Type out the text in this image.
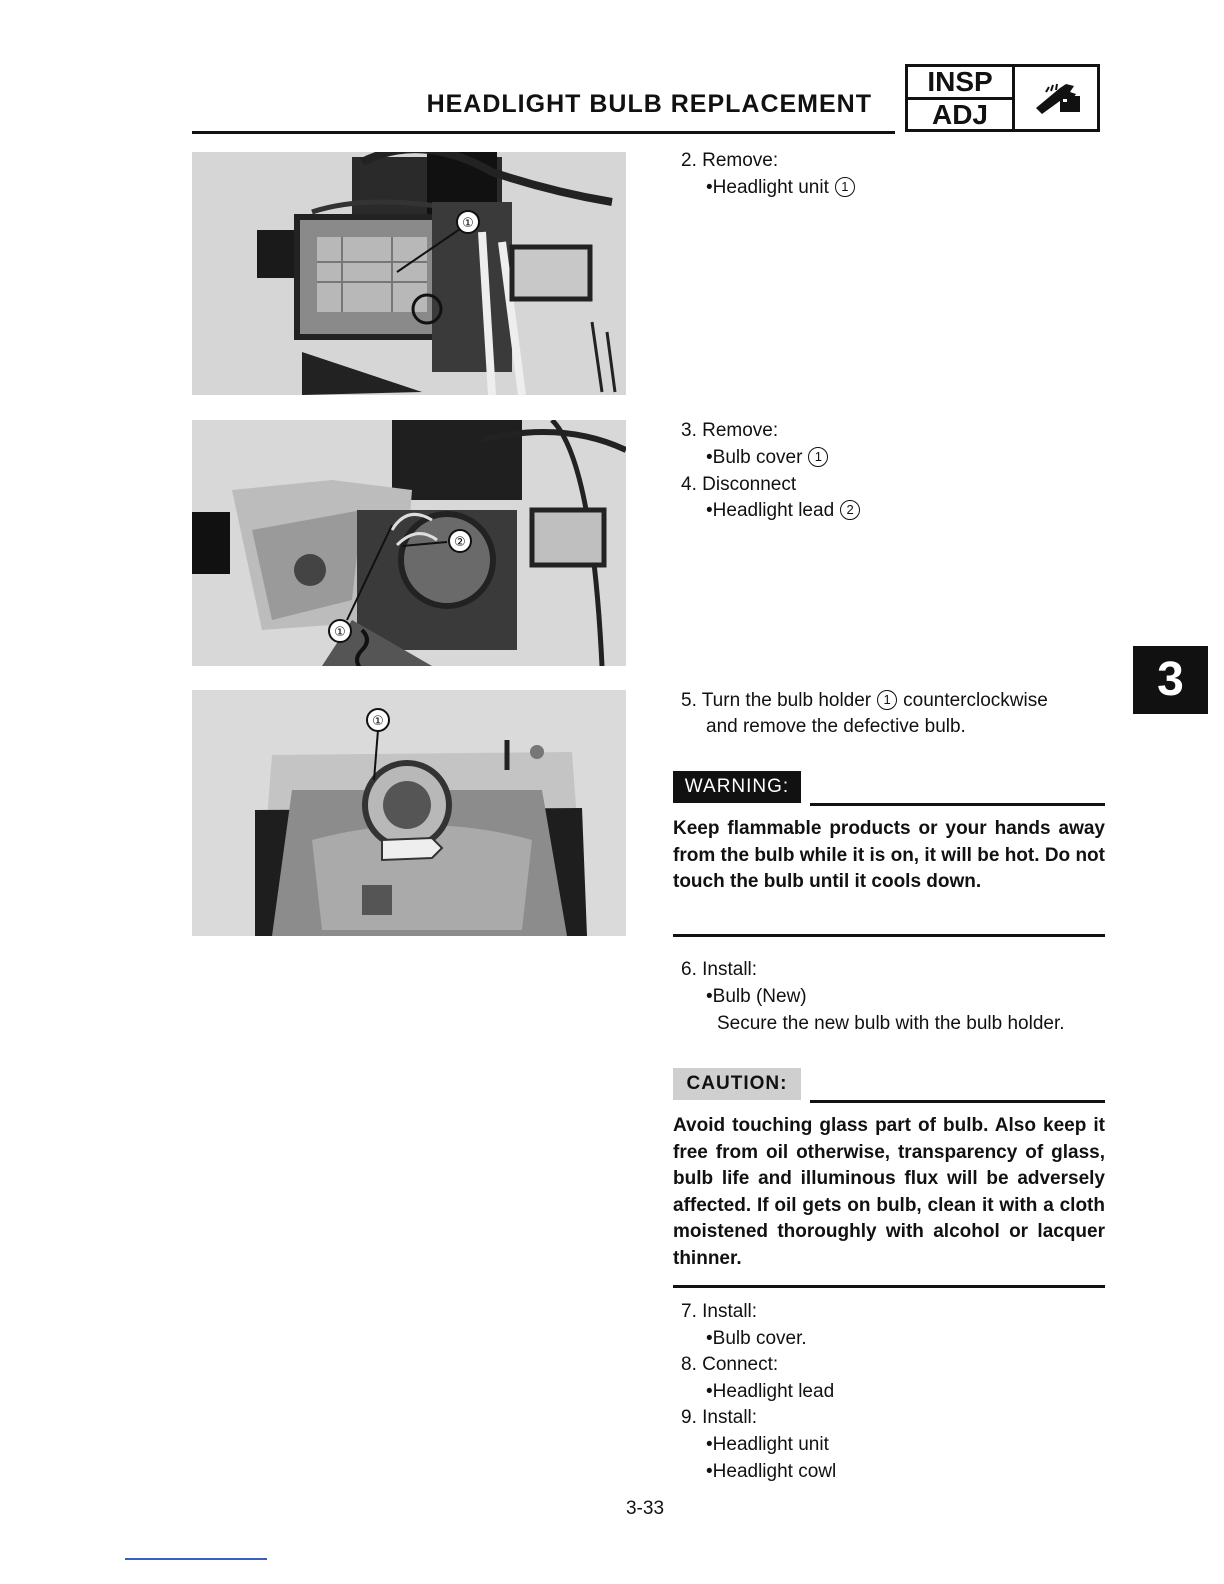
HEADLIGHT BULB REPLACEMENT
INSP
ADJ
①
①
②
①
2. Remove:
•Headlight unit 1
3. Remove:
•Bulb cover 1
4. Disconnect
•Headlight lead 2
5. Turn the bulb holder 1 counterclockwise
and remove the defective bulb.
WARNING:
Keep flammable products or your hands away from the bulb while it is on, it will be hot. Do not touch the bulb until it cools down.
6. Install:
•Bulb (New)
Secure the new bulb with the bulb holder.
CAUTION:
Avoid touching glass part of bulb. Also keep it free from oil otherwise, transparency of glass, bulb life and illuminous flux will be adversely affected. If oil gets on bulb, clean it with a cloth moistened thoroughly with alcohol or lacquer thinner.
7. Install:
•Bulb cover.
8. Connect:
•Headlight lead
9. Install:
•Headlight unit
•Headlight cowl
3
3-33
